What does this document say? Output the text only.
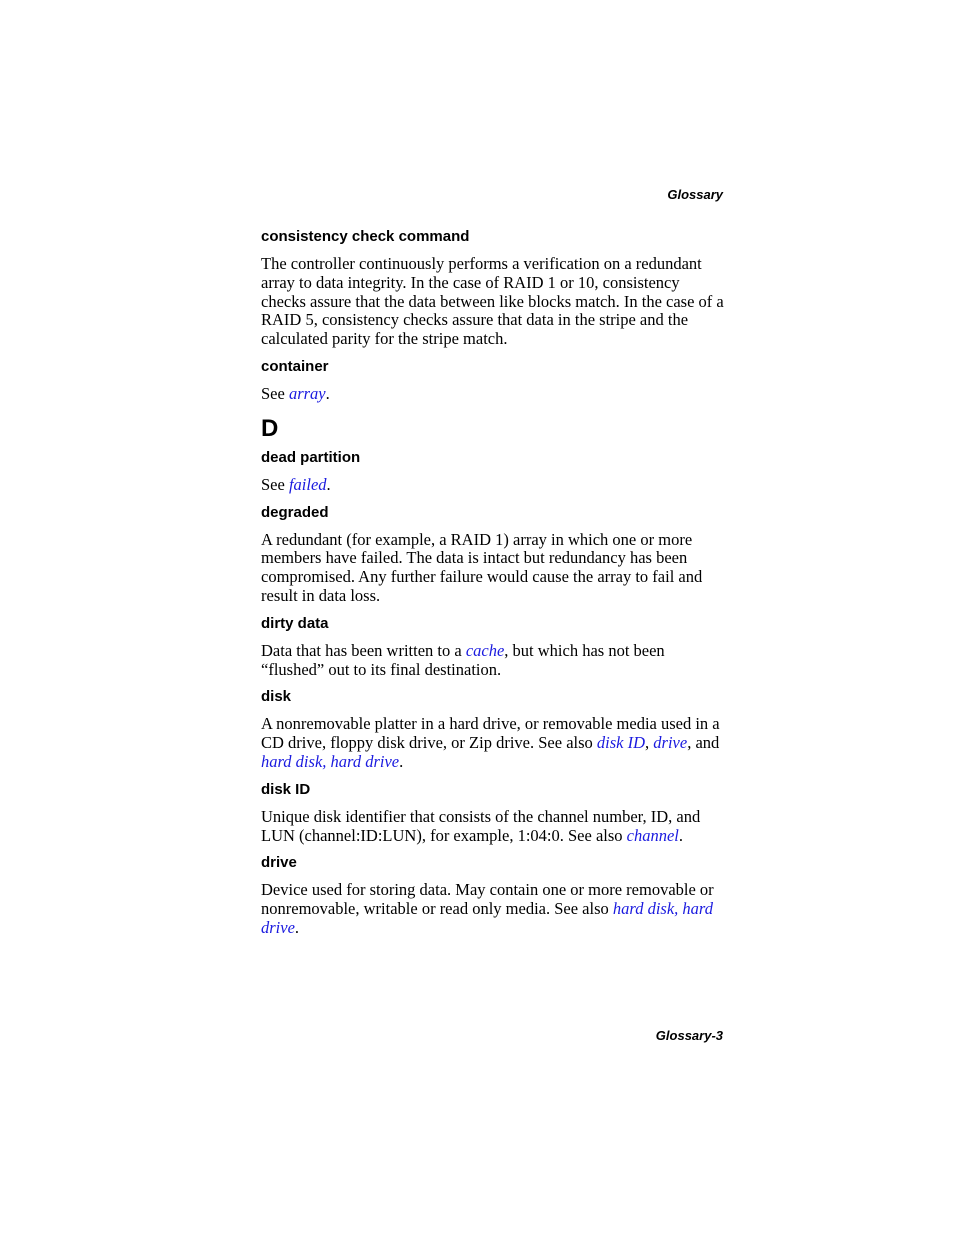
Glossary
consistency check command
The controller continuously performs a verification on a redundant array to data integrity. In the case of RAID 1 or 10, consistency checks assure that the data between like blocks match. In the case of a RAID 5, consistency checks assure that data in the stripe and the calculated parity for the stripe match.
container
See array.
D
dead partition
See failed.
degraded
A redundant (for example, a RAID 1) array in which one or more members have failed. The data is intact but redundancy has been compromised. Any further failure would cause the array to fail and result in data loss.
dirty data
Data that has been written to a cache, but which has not been “flushed” out to its final destination.
disk
A nonremovable platter in a hard drive, or removable media used in a CD drive, floppy disk drive, or Zip drive. See also disk ID, drive, and hard disk, hard drive.
disk ID
Unique disk identifier that consists of the channel number, ID, and LUN (channel:ID:LUN), for example, 1:04:0. See also channel.
drive
Device used for storing data. May contain one or more removable or nonremovable, writable or read only media. See also hard disk, hard drive.
Glossary-3
